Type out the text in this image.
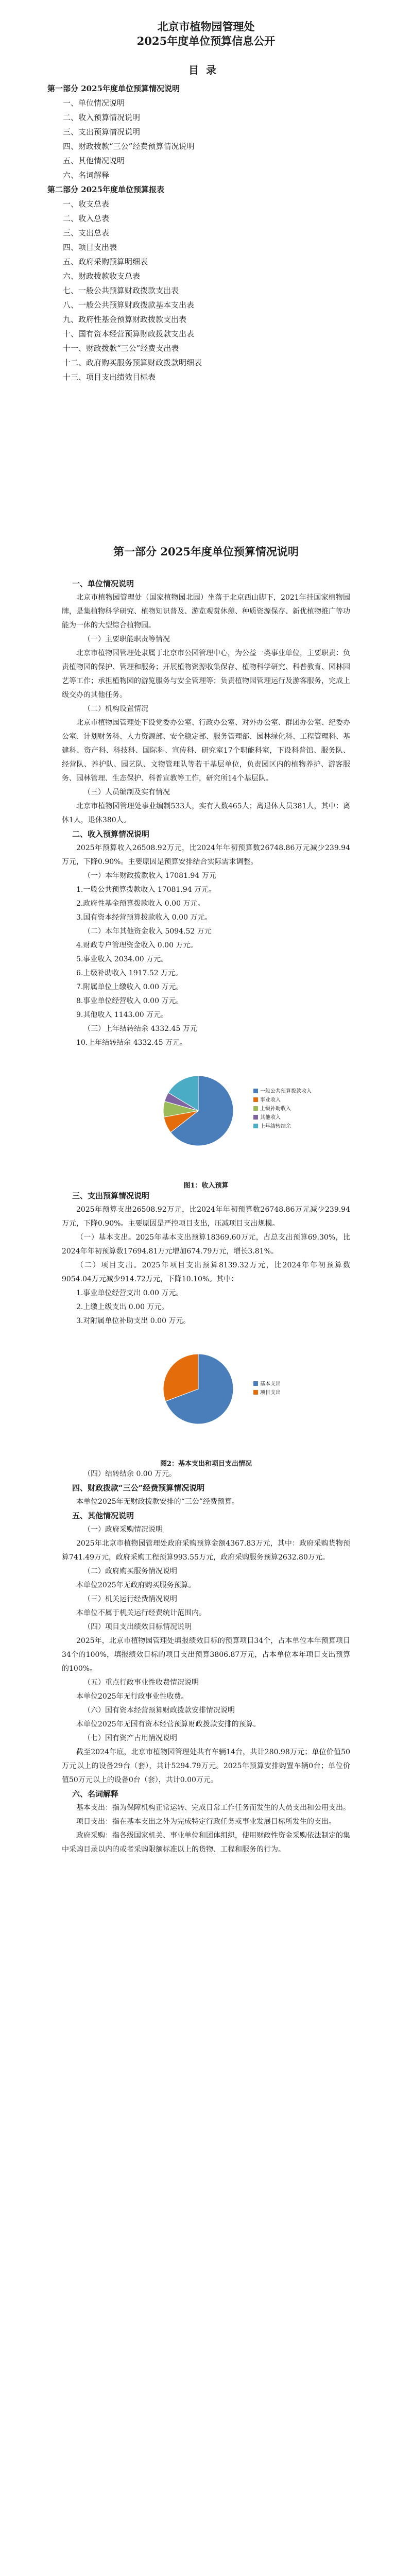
北京市植物园管理处
2025年度单位预算信息公开
目录
第一部分 2025年度单位预算情况说明
一、单位情况说明
二、收入预算情况说明
三、支出预算情况说明
四、财政拨款“三公”经费预算情况说明
五、其他情况说明
六、名词解释
第二部分 2025年度单位预算报表
一、收支总表
二、收入总表
三、支出总表
四、项目支出表
五、政府采购预算明细表
六、财政拨款收支总表
七、一般公共预算财政拨款支出表
八、一般公共预算财政拨款基本支出表
九、政府性基金预算财政拨款支出表
十、国有资本经营预算财政拨款支出表
十一、财政拨款“三公”经费支出表
十二、政府购买服务预算财政拨款明细表
十三、项目支出绩效目标表
第一部分 2025年度单位预算情况说明

一、单位情况说明

北京市植物园管理处（国家植物园北园）坐落于北京西山脚下，2021年挂国家植物园牌，是集植物科学研究、植物知识普及、游览观赏休憩、种质资源保存、新优植物推广等功能为一体的大型综合植物园。

（一）主要职能职责等情况

北京市植物园管理处隶属于北京市公园管理中心，为公益一类事业单位，主要职责：负责植物园的保护、管理和服务；开展植物资源收集保存、植物科学研究、科普教育、园林园艺等工作；承担植物园的游览服务与安全管理等；负责植物园管理运行及游客服务，完成上级交办的其他任务。

（二）机构设置情况

北京市植物园管理处下设党委办公室、行政办公室、对外办公室、群团办公室、纪委办公室、计划财务科、人力资源部、安全稳定部、服务管理部、园林绿化科、工程管理科、基建科、资产科、科技科、国际科、宣传科、研究室17个职能科室，下设科普馆、服务队、经营队、养护队、园艺队、文物管理队等若干基层单位，负责园区内的植物养护、游客服务、园林管理、生态保护、科普宣教等工作，研究所14个基层队。

（三）人员编制及实有情况

北京市植物园管理处事业编制533人，实有人数465人；离退休人员381人，其中：离休1人，退休380人。

二、收入预算情况说明

2025年预算收入26508.92万元，比2024年年初预算数26748.86万元减少239.94万元，下降0.90%。主要原因是预算安排结合实际需求调整。

（一）本年财政拨款收入 17081.94 万元

1.一般公共预算拨款收入 17081.94 万元。

2.政府性基金预算拨款收入 0.00 万元。

3.国有资本经营预算拨款收入 0.00 万元。

（二）本年其他资金收入 5094.52 万元

4.财政专户管理资金收入 0.00 万元。

5.事业收入 2034.00 万元。

6.上级补助收入 1917.52 万元。

7.附属单位上缴收入 0.00 万元。

8.事业单位经营收入 0.00 万元。

9.其他收入 1143.00 万元。

（三）上年结转结余 4332.45 万元

10.上年结转结余 4332.45 万元。

一般公共预算拨款收入
事业收入
上级补助收入
其他收入
上年结转结余
图1：收入预算

三、支出预算情况说明

2025年预算支出26508.92万元，比2024年年初预算数26748.86万元减少239.94万元，下降0.90%。主要原因是严控项目支出，压减项目支出规模。

（一）基本支出。2025年基本支出预算18369.60万元，占总支出预算69.30%，比2024年年初预算数17694.81万元增加674.79万元，增长3.81%。

（二）项目支出。2025年项目支出预算8139.32万元，比2024年年初预算数9054.04万元减少914.72万元，下降10.10%。其中：

1.事业单位经营支出 0.00 万元。

2.上缴上级支出 0.00 万元。

3.对附属单位补助支出 0.00 万元。

基本支出
项目支出
图2：基本支出和项目支出情况

（四）结转结余 0.00 万元。

四、财政拨款“三公”经费预算情况说明

本单位2025年无财政拨款安排的“三公”经费预算。

五、其他情况说明

（一）政府采购情况说明

2025年北京市植物园管理处政府采购预算金额4367.83万元，其中：政府采购货物预算741.49万元，政府采购工程预算993.55万元，政府采购服务预算2632.80万元。

（二）政府购买服务情况说明

本单位2025年无政府购买服务预算。

（三）机关运行经费情况说明

本单位不属于机关运行经费统计范围内。

（四）项目支出绩效目标情况说明

2025年，北京市植物园管理处填报绩效目标的预算项目34个，占本单位本年预算项目34个的100%，填报绩效目标的项目支出预算3806.87万元，占本单位本年项目支出预算的100%。

（五）重点行政事业性收费情况说明

本单位2025年无行政事业性收费。

（六）国有资本经营预算财政拨款安排情况说明

本单位2025年无国有资本经营预算财政拨款安排的预算。

（七）国有资产占用情况说明

截至2024年底，北京市植物园管理处共有车辆14台，共计280.98万元；单位价值50万元以上的设备29台（套），共计5294.79万元。2025年预算安排购置车辆0台；单位价值50万元以上的设备0台（套），共计0.00万元。

六、名词解释

基本支出：指为保障机构正常运转、完成日常工作任务而发生的人员支出和公用支出。

项目支出：指在基本支出之外为完成特定行政任务或事业发展目标所发生的支出。

政府采购：指各级国家机关、事业单位和团体组织，使用财政性资金采购依法制定的集中采购目录以内的或者采购限额标准以上的货物、工程和服务的行为。
